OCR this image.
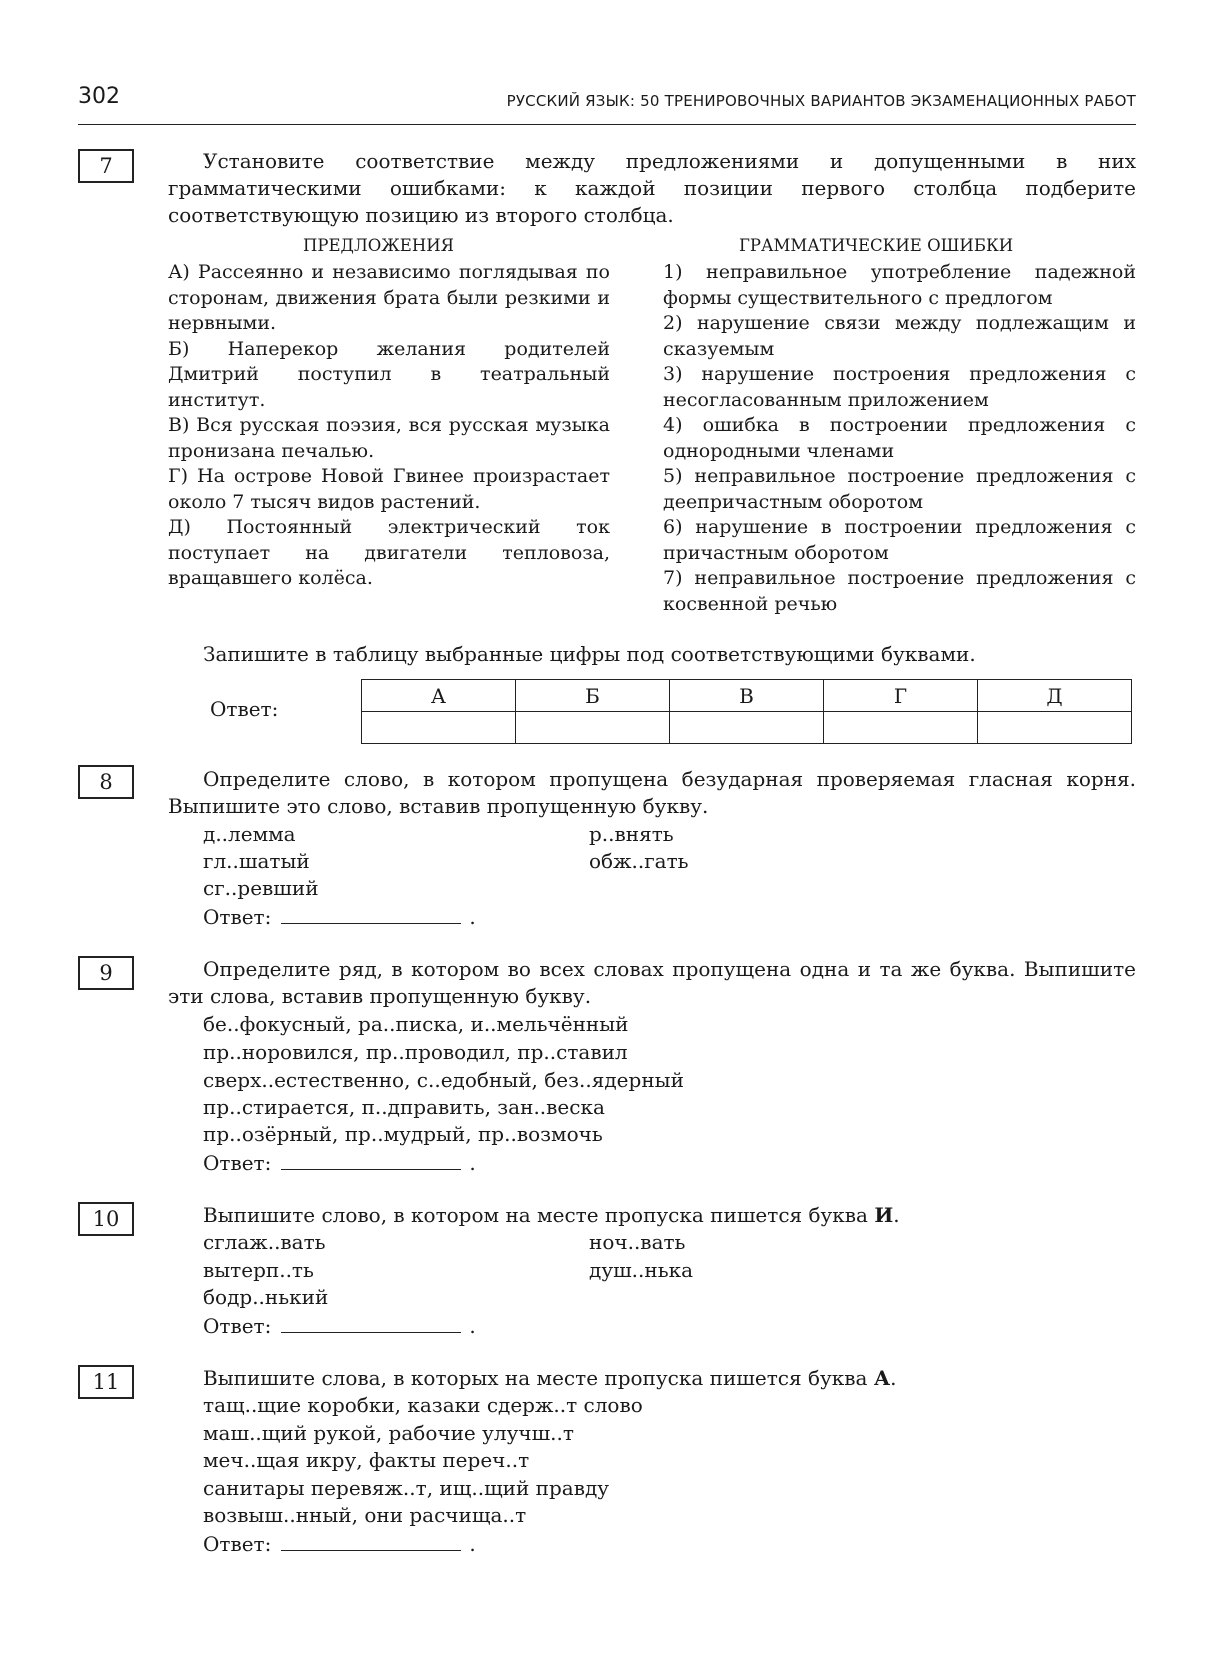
302	РУССКИЙ ЯЗЫК: 50 ТРЕНИРОВОЧНЫХ ВАРИАНТОВ ЭКЗАМЕНАЦИОННЫХ РАБОТ
7	Установите соответствие между предложениями и допущенными в них грамматическими ошибками: к каждой позиции первого столбца подберите соответствующую позицию из второго столбца.

ПРЕДЛОЖЕНИЯ	ГРАММАТИЧЕСКИЕ ОШИБКИ

А) Рассеянно и независимо поглядывая по сторонам, движения брата были резкими и нервными.

Б) Наперекор желания родителей Дмитрий поступил в театральный институт.

В) Вся русская поэзия, вся русская музыка пронизана печалью.

Г) На острове Новой Гвинее произрастает около 7 тысяч видов растений.

Д) Постоянный электрический ток поступает на двигатели тепловоза, вращавшего колёса.

1) неправильное употребление падежной формы существительного с предлогом

2) нарушение связи между подлежащим и сказуемым

3) нарушение построения предложения с несогласованным приложением

4) ошибка в построении предложения с однородными членами

5) неправильное построение предложения с деепричастным оборотом

6) нарушение в построении предложения с причастным оборотом

7) неправильное построение предложения с косвенной речью

Запишите в таблицу выбранные цифры под соответствующими буквами.
Ответ:
А	Б	В	Г	Д

8	Определите слово, в котором пропущена безударная проверяемая гласная корня. Выпишите это слово, вставив пропущенную букву.

д..лемма
гл..шатый
сг..ревший
р..внять
обж..гать
Ответ:	.
9	Определите ряд, в котором во всех словах пропущена одна и та же буква. Выпишите эти слова, вставив пропущенную букву.

бе..фокусный, ра..писка, и..мельчённый
пр..норовился, пр..проводил, пр..ставил
сверх..естественно, с..едобный, без..ядерный
пр..стирается, п..дправить, зан..веска
пр..озёрный, пр..мудрый, пр..возмочь
Ответ:	.
10	Выпишите слово, в котором на месте пропуска пишется буква И.
сглаж..вать
вытерп..ть
бодр..нький
ноч..вать
душ..нька
Ответ:	.
11	Выпишите слова, в которых на месте пропуска пишется буква А.
тащ..щие коробки, казаки сдерж..т слово
маш..щий рукой, рабочие улучш..т
меч..щая икру, факты переч..т
санитары перевяж..т, ищ..щий правду
возвыш..нный, они расчища..т
Ответ:	.
